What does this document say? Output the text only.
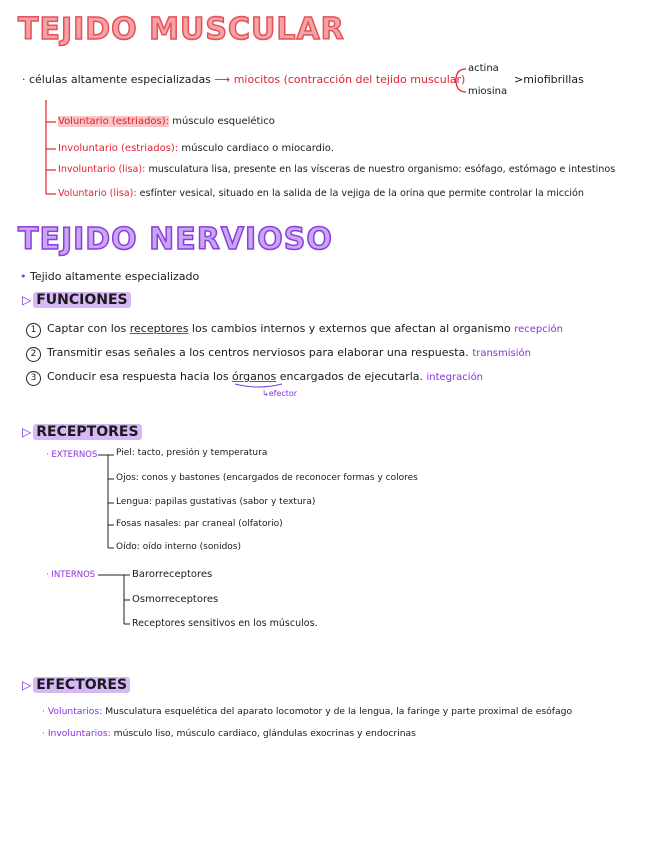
TEJIDO MUSCULAR
· células altamente especializadas ⟶ miocitos (contracción del tejido muscular)
actina
miosina
>miofibrillas
Voluntario (estriados): músculo esquelético
Involuntario (estriados): músculo cardiaco o miocardio.
Involuntario (lisa): musculatura lisa, presente en las vísceras de nuestro organismo: esófago, estómago e intestinos
Voluntario (lisa): esfínter vesical, situado en la salida de la vejiga de la orina que permite controlar la micción
TEJIDO NERVIOSO
• Tejido altamente especializado
▷ FUNCIONES
1 Captar con los receptores los cambios internos y externos que afectan al organismo recepción
2 Transmitir esas señales a los centros nerviosos para elaborar una respuesta. transmisión
3 Conducir esa respuesta hacia los órganos encargados de ejecutarla. integración
↳efector
▷ RECEPTORES
· EXTERNOS Piel: tacto, presión y temperatura
Ojos: conos y bastones (encargados de reconocer formas y colores
Lengua: papilas gustativas (sabor y textura)
Fosas nasales: par craneal (olfatorio)
Oído: oído interno (sonidos)
· INTERNOS	Barorreceptores
Osmorreceptores
Receptores sensitivos en los músculos.
▷ EFECTORES
· Voluntarios: Musculatura esquelética del aparato locomotor y de la lengua, la faringe y parte proximal de esófago
· Involuntarios: músculo liso, músculo cardiaco, glándulas exocrinas y endocrinas
